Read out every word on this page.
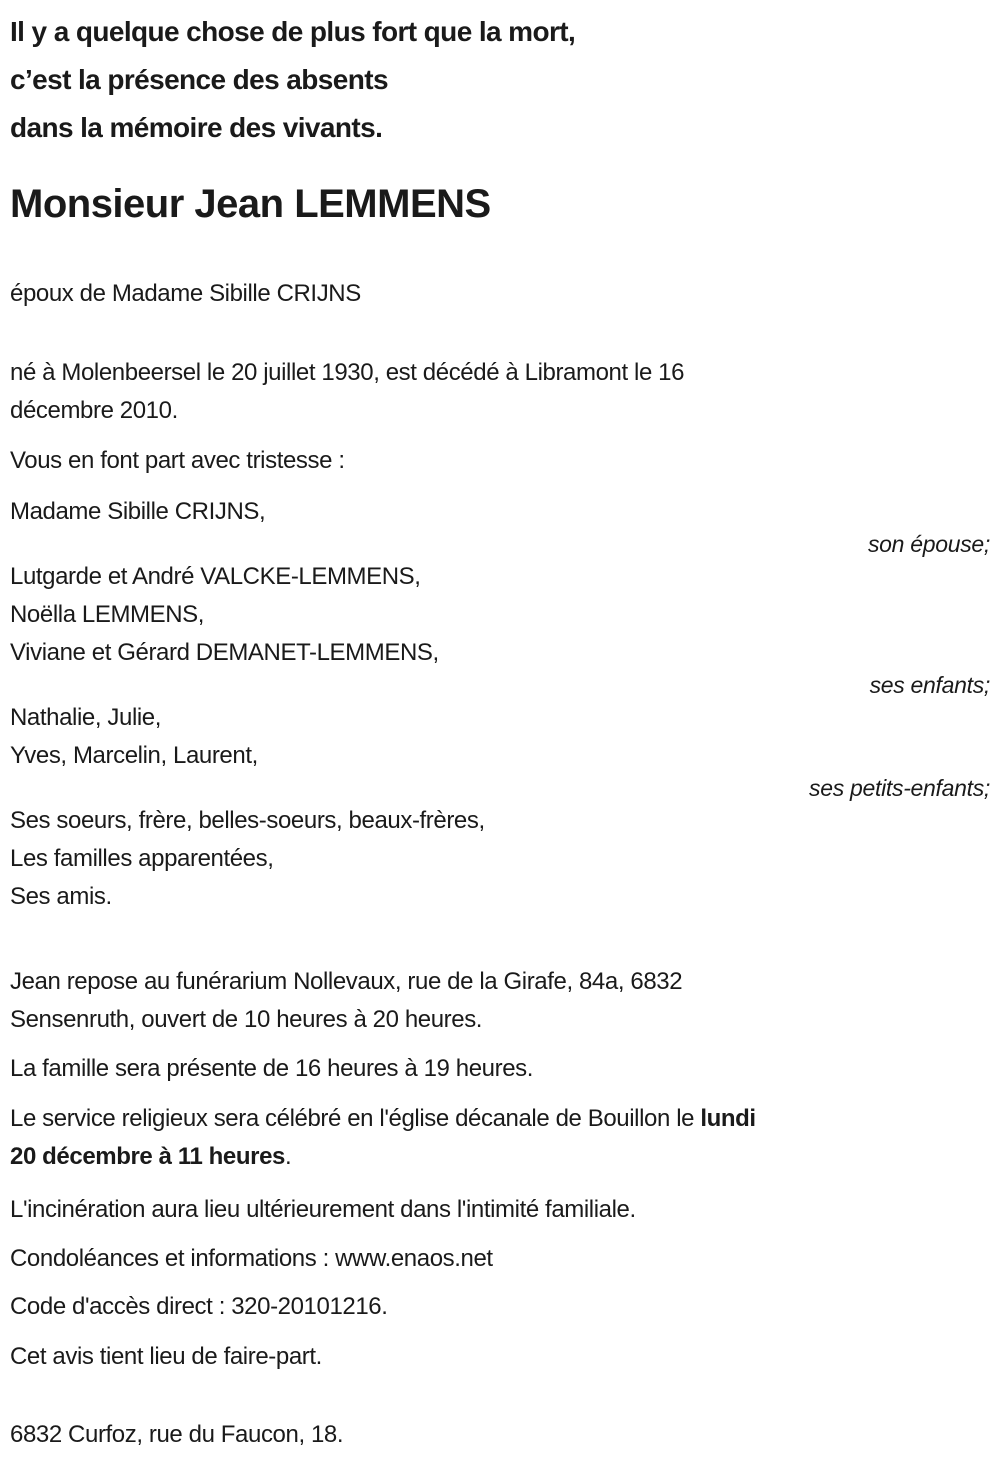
Il y a quelque chose de plus fort que la mort,
c’est la présence des absents
dans la mémoire des vivants.
Monsieur Jean LEMMENS
époux de Madame Sibille CRIJNS
né à Molenbeersel le 20 juillet 1930, est décédé à Libramont le 16
décembre 2010.
Vous en font part avec tristesse :
Madame Sibille CRIJNS,
son épouse;
Lutgarde et André VALCKE-LEMMENS,
Noëlla LEMMENS,
Viviane et Gérard DEMANET-LEMMENS,
ses enfants;
Nathalie, Julie,
Yves, Marcelin, Laurent,
ses petits-enfants;
Ses soeurs, frère, belles-soeurs, beaux-frères,
Les familles apparentées,
Ses amis.
Jean repose au funérarium Nollevaux, rue de la Girafe, 84a, 6832
Sensenruth, ouvert de 10 heures à 20 heures.
La famille sera présente de 16 heures à 19 heures.
Le service religieux sera célébré en l'église décanale de Bouillon le lundi
20 décembre à 11 heures.
L'incinération aura lieu ultérieurement dans l'intimité familiale.
Condoléances et informations : www.enaos.net
Code d'accès direct : 320-20101216.
Cet avis tient lieu de faire-part.
6832 Curfoz, rue du Faucon, 18.
